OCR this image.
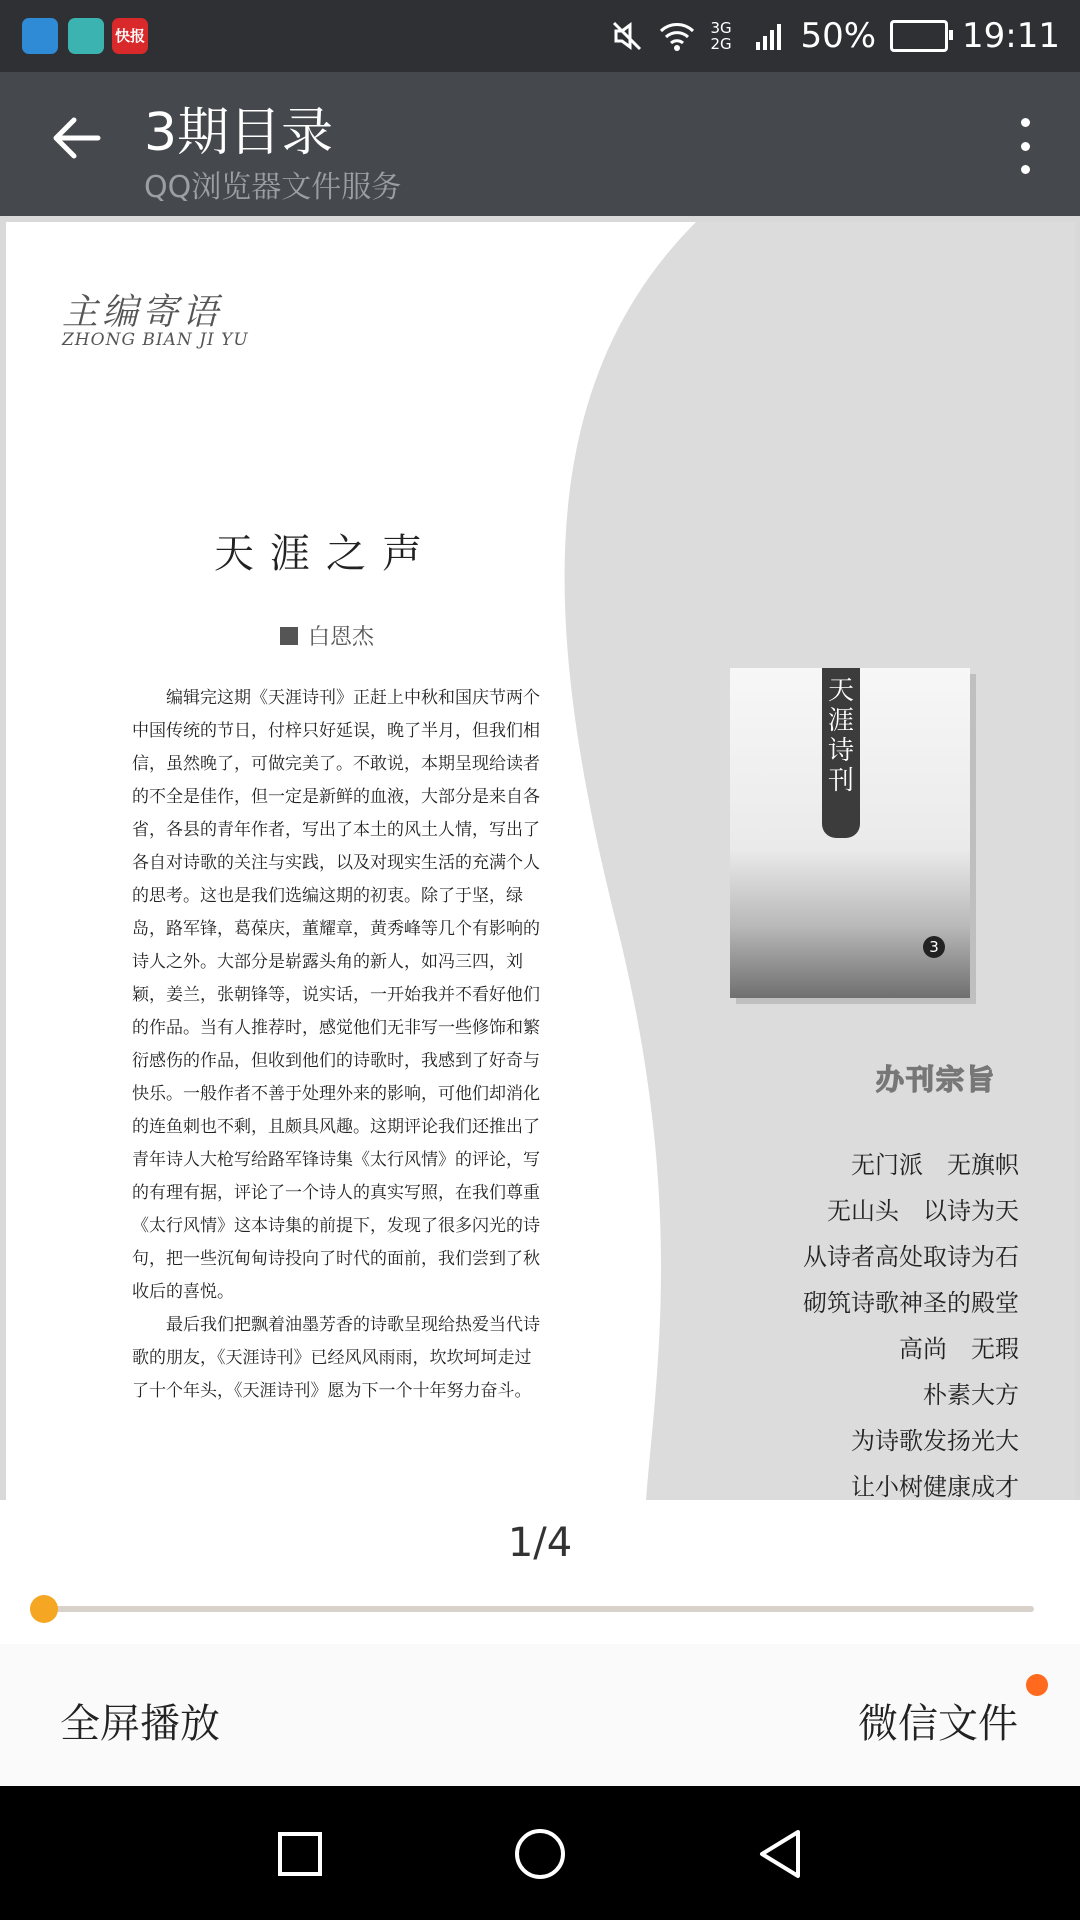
快报	3G 2G 50%	19:11
3期目录
QQ浏览器文件服务
主编寄语
ZHONG BIAN JI YU
天涯之声
白恩杰

编辑完这期《天涯诗刊》正赶上中秋和国庆节两个中国传统的节日，付梓只好延误，晚了半月，但我们相信，虽然晚了，可做完美了。不敢说，本期呈现给读者的不全是佳作，但一定是新鲜的血液，大部分是来自各省，各县的青年作者，写出了本土的风土人情，写出了各自对诗歌的关注与实践，以及对现实生活的充满个人的思考。这也是我们选编这期的初衷。除了于坚，绿岛，路军锋，葛葆庆，董耀章，黄秀峰等几个有影响的诗人之外。大部分是崭露头角的新人，如冯三四，刘颖，姜兰，张朝锋等，说实话，一开始我并不看好他们的作品。当有人推荐时，感觉他们无非写一些修饰和繁衍感伤的作品，但收到他们的诗歌时，我感到了好奇与快乐。一般作者不善于处理外来的影响，可他们却消化的连鱼刺也不剩，且颇具风趣。这期评论我们还推出了青年诗人大枪写给路军锋诗集《太行风情》的评论，写的有理有据，评论了一个诗人的真实写照，在我们尊重《太行风情》这本诗集的前提下，发现了很多闪光的诗句，把一些沉甸甸诗投向了时代的面前，我们尝到了秋收后的喜悦。

最后我们把飘着油墨芳香的诗歌呈现给热爱当代诗歌的朋友，《天涯诗刊》已经风风雨雨，坎坎坷坷走过了十个年头，《天涯诗刊》愿为下一个十年努力奋斗。

天涯诗刊
3
办刊宗旨
无门派　无旗帜
无山头　以诗为天
从诗者高处取诗为石
砌筑诗歌神圣的殿堂
高尚　无瑕
朴素大方
为诗歌发扬光大
让小树健康成才
1/4
全屏播放	微信文件
